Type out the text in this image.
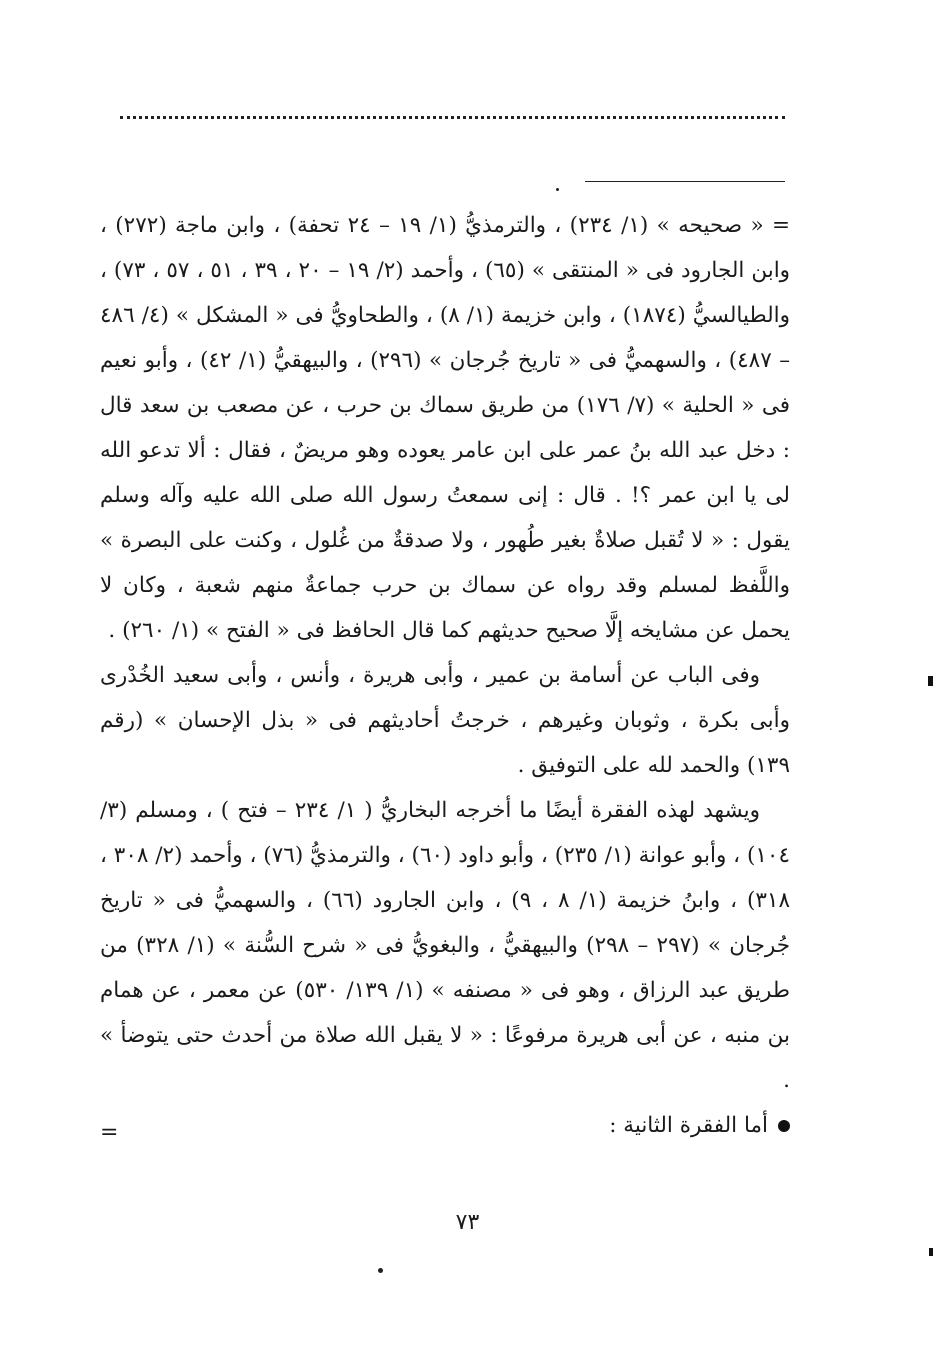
= « صحيحه » (١/ ٢٣٤) ، والترمذيُّ (١/ ١٩ – ٢٤ تحفة) ، وابن ماجة (٢٧٢) ، وابن الجارود فى « المنتقى » (٦٥) ، وأحمد (٢/ ١٩ – ٢٠ ، ٣٩ ، ٥١ ، ٥٧ ، ٧٣) ، والطيالسيُّ (١٨٧٤) ، وابن خزيمة (١/ ٨) ، والطحاويُّ فى « المشكل » (٤/ ٤٨٦ – ٤٨٧) ، والسهميُّ فى « تاريخ جُرجان » (٢٩٦) ، والبيهقيُّ (١/ ٤٢) ، وأبو نعيم فى « الحلية » (٧/ ١٧٦) من طريق سماك بن حرب ، عن مصعب بن سعد قال : دخل عبد الله بنُ عمر على ابن عامر يعوده وهو مريضٌ ، فقال : ألا تدعو الله لى يا ابن عمر ؟! . قال : إنى سمعتُ رسول الله صلى الله عليه وآله وسلم يقول : « لا تُقبل صلاةٌ بغير طُهور ، ولا صدقةٌ من غُلول ، وكنت على البصرة » واللَّفظ لمسلم وقد رواه عن سماك بن حرب جماعةٌ منهم شعبة ، وكان لا يحمل عن مشايخه إلَّا صحيح حديثهم كما قال الحافظ فى « الفتح » (١/ ٢٦٠) .

وفى الباب عن أسامة بن عمير ، وأبى هريرة ، وأنس ، وأبى سعيد الخُدْرى وأبى بكرة ، وثوبان وغيرهم ، خرجتُ أحاديثهم فى « بذل الإحسان » (رقم ١٣٩) والحمد لله على التوفيق .

ويشهد لهذه الفقرة أيضًا ما أخرجه البخاريُّ ( ١/ ٢٣٤ – فتح ) ، ومسلم (٣/ ١٠٤) ، وأبو عوانة (١/ ٢٣٥) ، وأبو داود (٦٠) ، والترمذيُّ (٧٦) ، وأحمد (٢/ ٣٠٨ ، ٣١٨) ، وابنُ خزيمة (١/ ٨ ، ٩) ، وابن الجارود (٦٦) ، والسهميُّ فى « تاريخ جُرجان » (٢٩٧ – ٢٩٨) والبيهقيُّ ، والبغويُّ فى « شرح السُّنة » (١/ ٣٢٨) من طريق عبد الرزاق ، وهو فى « مصنفه » (١/ ١٣٩/ ٥٣٠) عن معمر ، عن همام بن منبه ، عن أبى هريرة مرفوعًا : « لا يقبل الله صلاة من أحدث حتى يتوضأ » .

أما الفقرة الثانية :

=
٧٣
